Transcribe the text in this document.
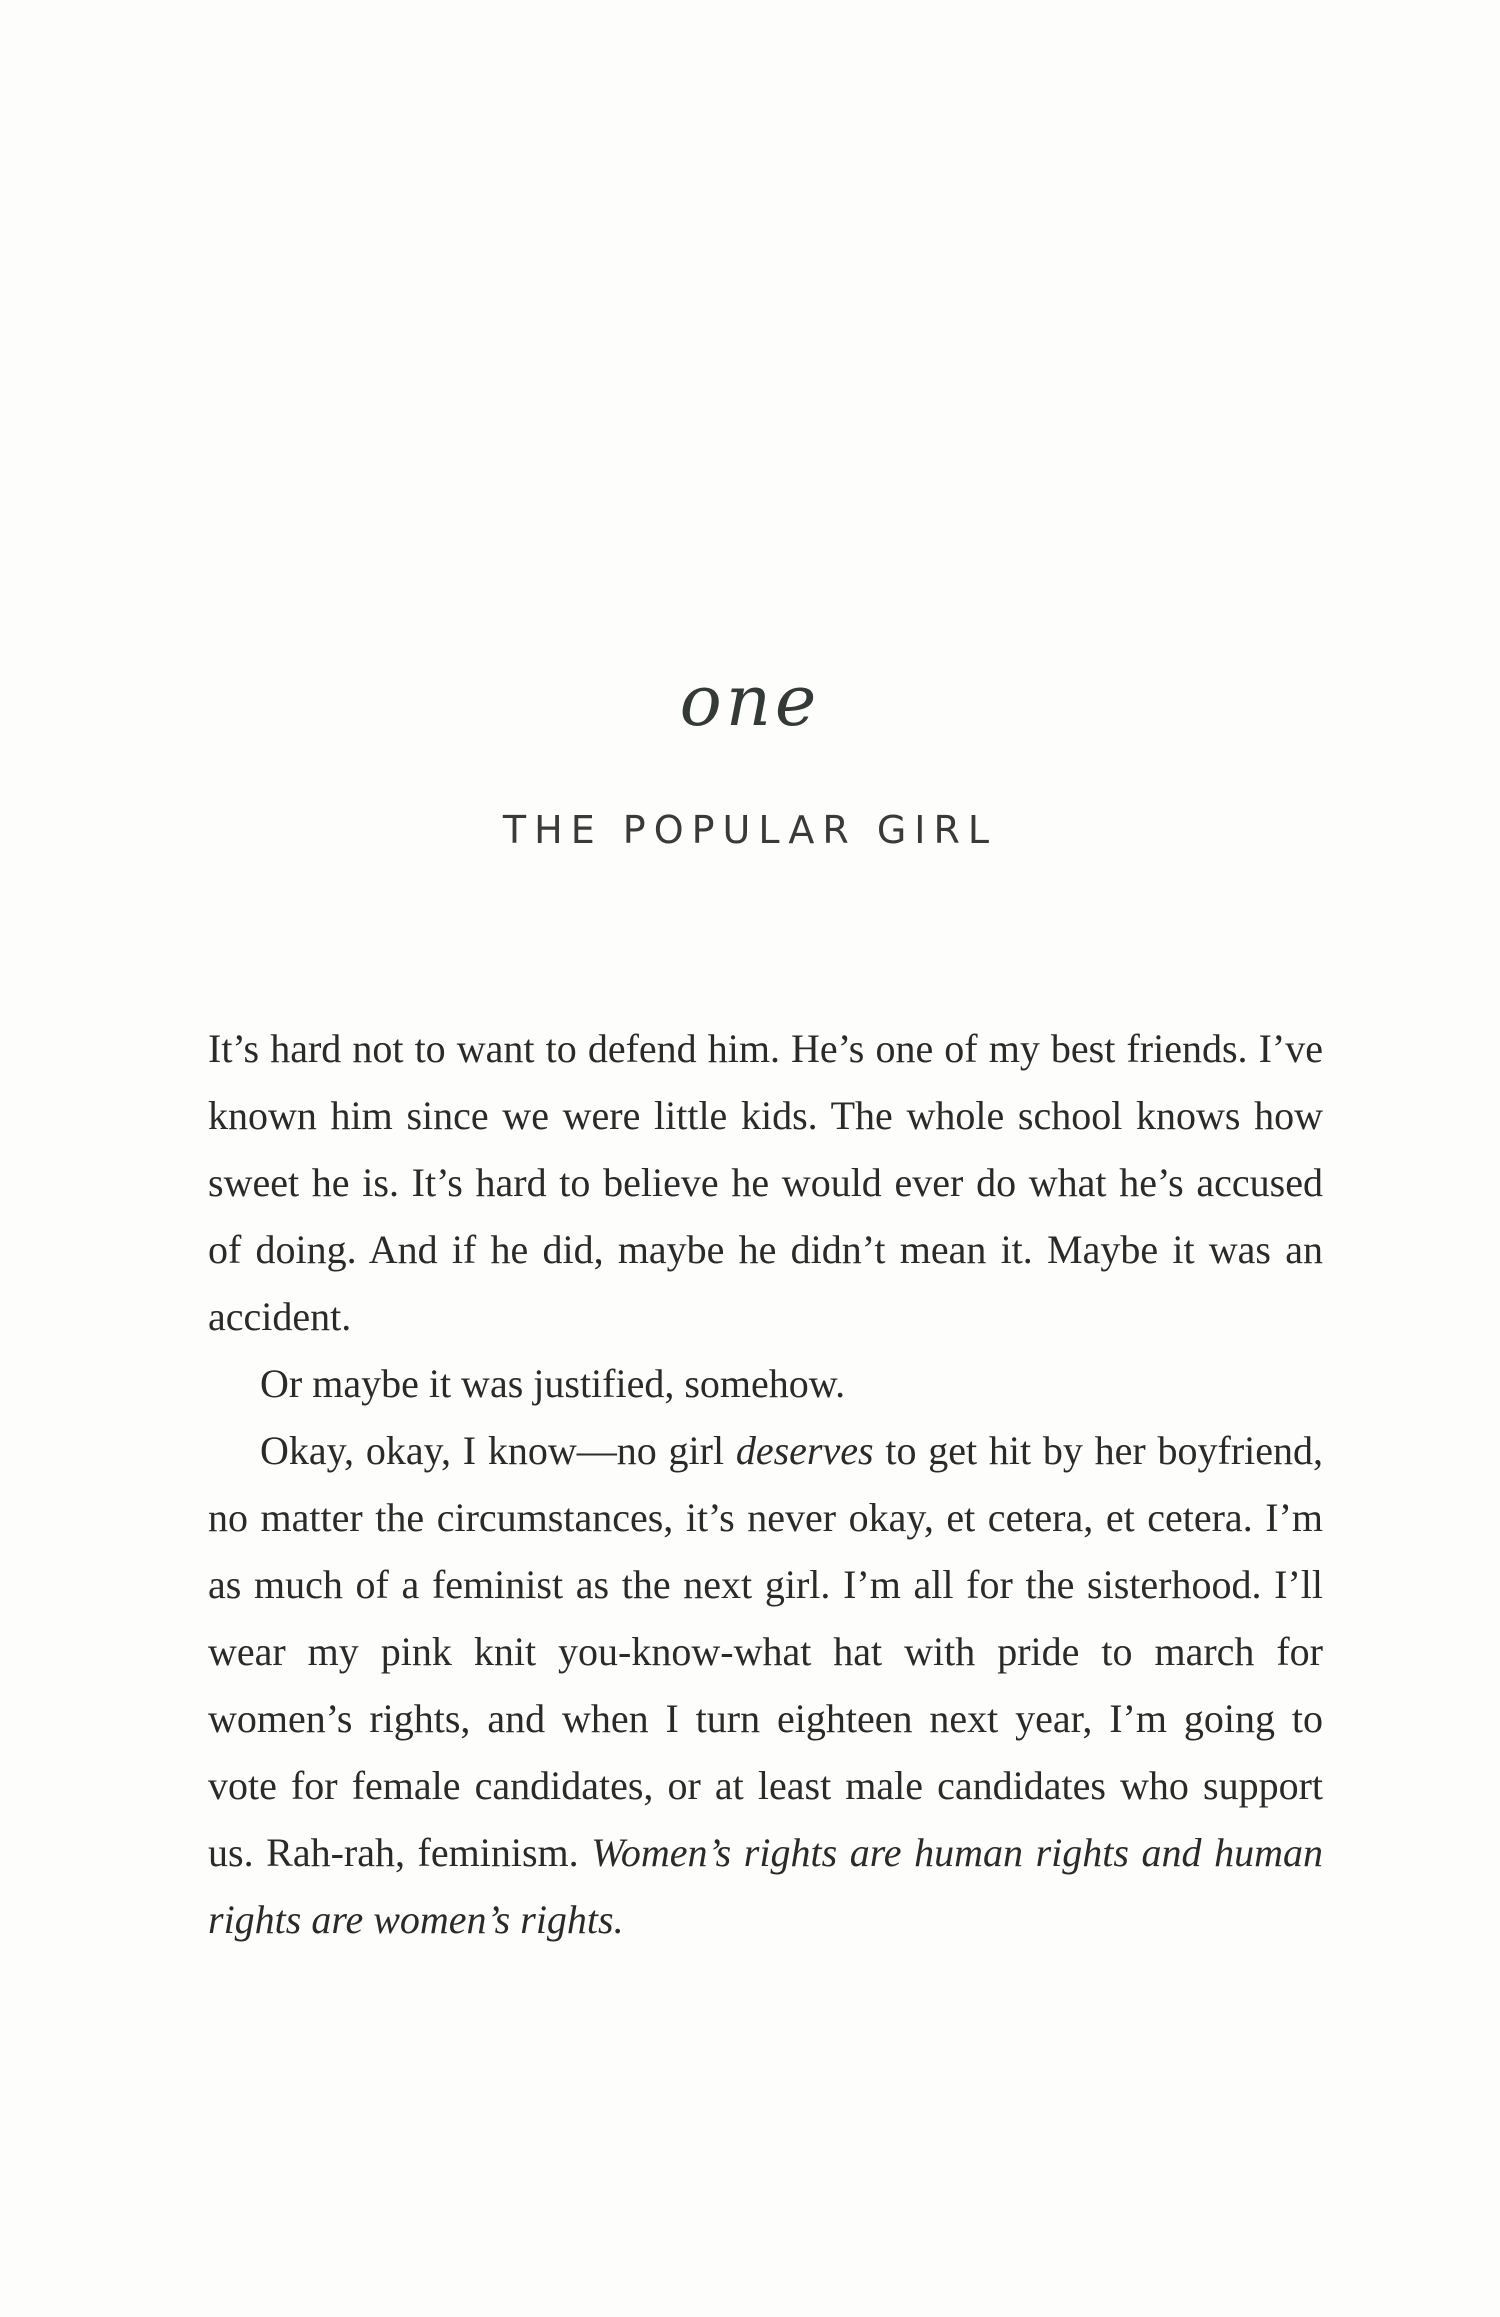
one
THE POPULAR GIRL

It’s hard not to want to defend him. He’s one of my best friends. I’ve known him since we were little kids. The whole school knows how sweet he is. It’s hard to believe he would ever do what he’s accused of doing. And if he did, maybe he didn’t mean it. Maybe it was an accident.

Or maybe it was justified, somehow.

Okay, okay, I know—no girl deserves to get hit by her boyfriend, no matter the circumstances, it’s never okay, et cetera, et cetera. I’m as much of a feminist as the next girl. I’m all for the sisterhood. I’ll wear my pink knit you-know-what hat with pride to march for women’s rights, and when I turn eighteen next year, I’m going to vote for female candidates, or at least male candidates who support us. Rah-rah, feminism. Women’s rights are human rights and human rights are women’s rights.
